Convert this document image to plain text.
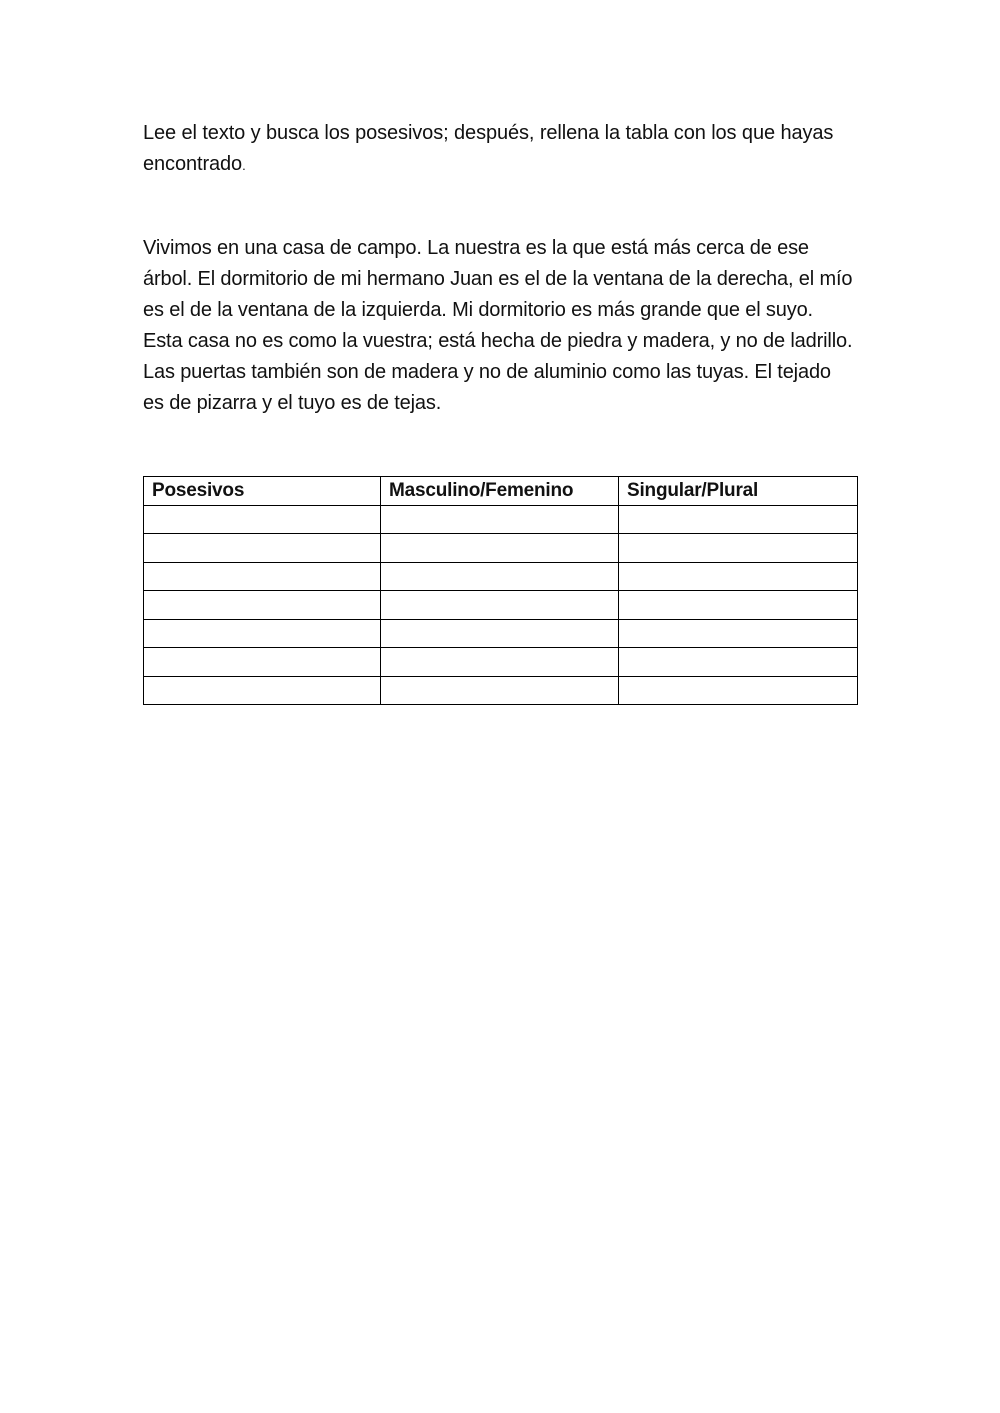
Lee el texto y busca los posesivos; después, rellena la tabla con los que hayas encontrado.

Vivimos en una casa de campo. La nuestra es la que está más cerca de ese árbol. El dormitorio de mi hermano Juan es el de la ventana de la derecha, el mío es el de la ventana de la izquierda. Mi dormitorio es más grande que el suyo. Esta casa no es como la vuestra; está hecha de piedra y madera, y no de ladrillo. Las puertas también son de madera y no de aluminio como las tuyas. El tejado es de pizarra y el tuyo es de tejas.

Posesivos	Masculino/Femenino	Singular/Plural
